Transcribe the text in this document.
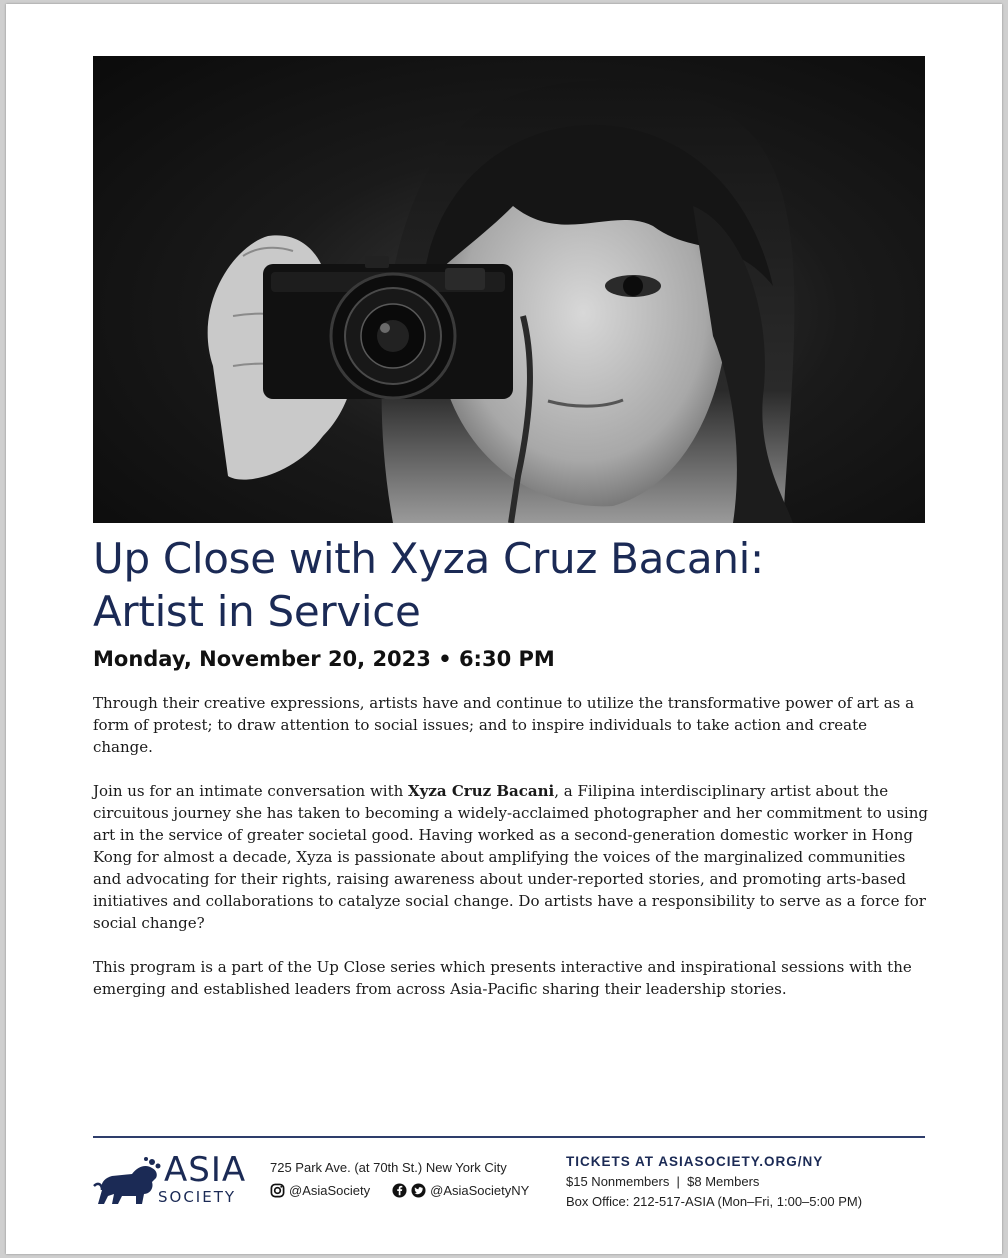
Up Close with Xyza Cruz Bacani:
Artist in Service

Monday, November 20, 2023 • 6:30 PM

Through their creative expressions, artists have and continue to utilize the transformative power of art as a form of protest; to draw attention to social issues; and to inspire individuals to take action and create change.

Join us for an intimate conversation with Xyza Cruz Bacani, a Filipina interdisciplinary artist about the circuitous journey she has taken to becoming a widely-acclaimed photographer and her commitment to using art in the service of greater societal good. Having worked as a second-generation domestic worker in Hong Kong for almost a decade, Xyza is passionate about amplifying the voices of the marginalized communities and advocating for their rights, raising awareness about under-reported stories, and promoting arts-based initiatives and collaborations to catalyze social change. Do artists have a responsibility to serve as a force for social change?

This program is a part of the Up Close series which presents interactive and inspirational sessions with the emerging and established leaders from across Asia-Pacific sharing their leadership stories.

ASIA
SOCIETY
725 Park Ave. (at 70th St.) New York City
@AsiaSociety	@AsiaSocietyNY
TICKETS AT ASIASOCIETY.ORG/NY
$15 Nonmembers  |  $8 Members
Box Office: 212-517-ASIA (Mon–Fri, 1:00–5:00 PM)
